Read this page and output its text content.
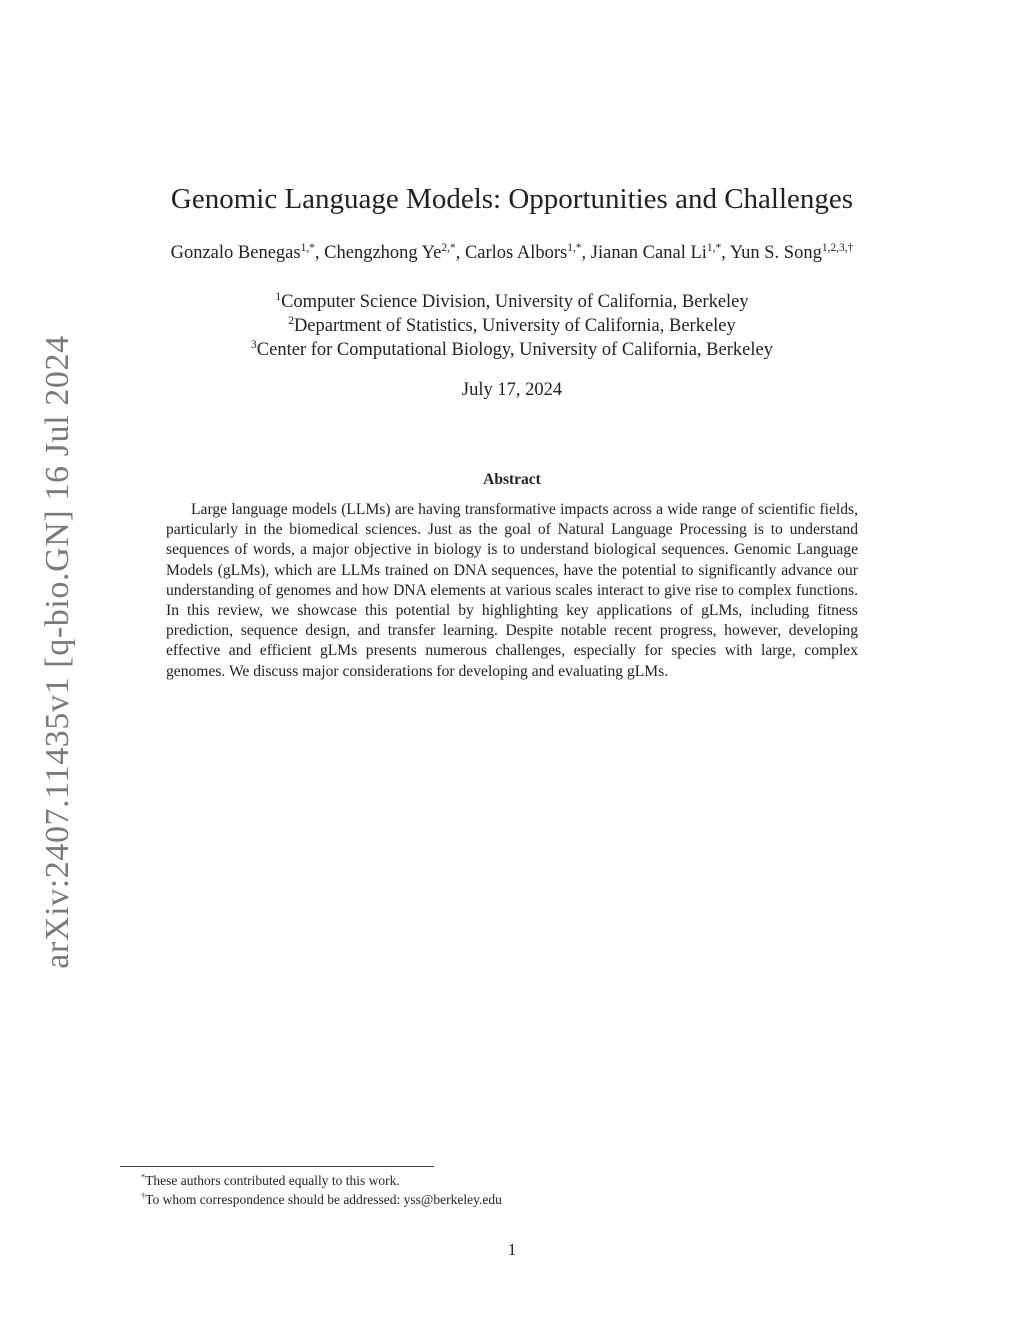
arXiv:2407.11435v1 [q-bio.GN] 16 Jul 2024
Genomic Language Models: Opportunities and Challenges
Gonzalo Benegas$^{1,*}$, Chengzhong $Ye^{2,*}$, Carlos Albors$^{1,*}$, Jianan Canal $Li^{1,*}$, Yun S. Song$^{1,2,3,\dagger}$
$^1$Computer Science Division, University of California, Berkeley
$^2$Department of Statistics, University of California, Berkeley
$^3$Center for Computational Biology, University of California, Berkeley
July 17, 2024
Abstract

Large language models (LLMs) are having transformative impacts across a wide range of scientific fields, particularly in the biomedical sciences. Just as the goal of Natural Language Processing is to understand sequences of words, a major objective in biology is to understand biological sequences. Genomic Language Models (gLMs), which are LLMs trained on DNA sequences, have the potential to significantly advance our understanding of genomes and how DNA elements at various scales interact to give rise to complex functions. In this review, we showcase this potential by highlighting key applications of gLMs, including fitness prediction, sequence design, and transfer learning. Despite notable recent progress, however, developing effective and efficient gLMs presents numerous challenges, especially for species with large, complex genomes. We discuss major considerations for developing and evaluating gLMs.

*These authors contributed equally to this work.
†To whom correspondence should be addressed: yss@berkeley.edu
1
